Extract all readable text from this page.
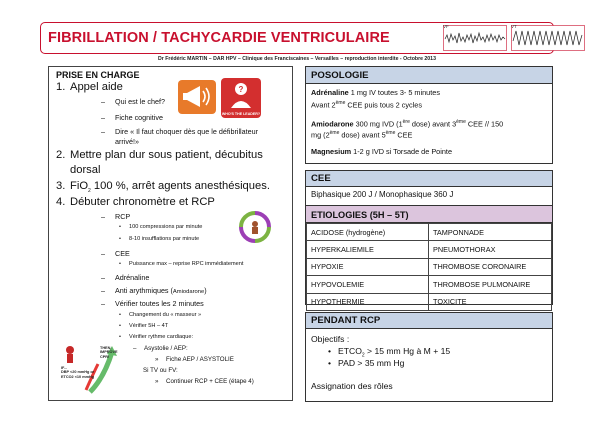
FIBRILLATION / TACHYCARDIE VENTRICULAIRE
VF	VT
Dr Frédéric MARTIN – DAR HPV – Clinique des Franciscaines – Versailles – reproduction interdite - Octobre 2013
PRISE EN CHARGE
1. Appel aide
– Qui est le chef?
– Fiche cognitive
– Dire « Il faut choquer dès que le défibrillateur
arrivé!»
?
WHO'S THE LEADER?
2. Mettre plan dur sous patient, décubitus
dorsal
3. FiO$_2$ 100 %, arrêt agents anesthésiques.
4. Débuter chronomètre et RCP
– RCP
• 100 compressions par minute
• 8-10 insufflations par minute
– CEE
• Puissance max – reprise RPC immédiatement
– Adrénaline
– Anti arythmiques (Amiodarone)
– Vérifier toutes les 2 minutes
• Changement du « masseur »
• Vérifier 5H – 4T
• Vérifier rythme cardiaque:
– Asystolie / AEP:
» Fiche AEP / ASYSTOLIE
Si TV ou FV:
» Continuer RCP + CEE (étape 4)
THEN,
IMPROVE
CPR!
IF...
DBP <20 mmHg or
ETCO2 <10 mmHg
POSOLOGIE
Adrénaline 1 mg IV toutes 3- 5 minutes
Avant 2ème CEE puis tous 2 cycles
Amiodarone 300 mg IVD (1ère dose) avant 3ème CEE // 150
mg (2ème dose) avant 5ème CEE
Magnesium 1-2 g IVD si Torsade de Pointe
CEE
Biphasique 200 J / Monophasique 360 J
ETIOLOGIES (5H – 5T)
ACIDOSE (hydrogène)	TAMPONNADE
HYPERKALIEMILE	PNEUMOTHORAX
HYPOXIE	THROMBOSE CORONAIRE
HYPOVOLEMIE	THROMBOSE PULMONAIRE
HYPOTHERMIE	TOXICITE
PENDANT RCP
Objectifs :
• $ETCO_2 > 15$ mm Hg à M + 15
• PAD > 35 mm Hg
Assignation des rôles
